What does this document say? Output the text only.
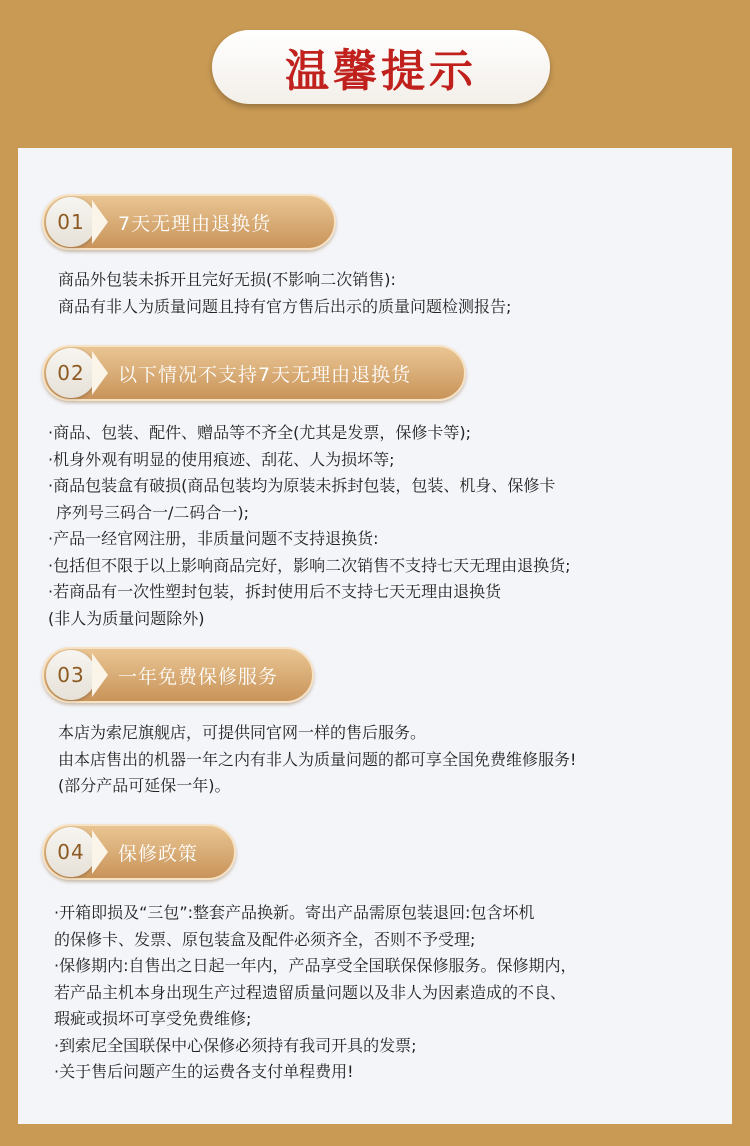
温馨提示
01	7天无理由退换货
商品外包装未拆开且完好无损(不影响二次销售):
商品有非人为质量问题且持有官方售后出示的质量问题检测报告;
02	以下情况不支持7天无理由退换货
·商品、包装、配件、赠品等不齐全(尤其是发票，保修卡等);
·机身外观有明显的使用痕迹、刮花、人为损坏等;
·商品包装盒有破损(商品包装均为原装未拆封包装，包装、机身、保修卡
序列号三码合一/二码合一);
·产品一经官网注册，非质量问题不支持退换货:
·包括但不限于以上影响商品完好，影响二次销售不支持七天无理由退换货;
·若商品有一次性塑封包装，拆封使用后不支持七天无理由退换货
(非人为质量问题除外)
03	一年免费保修服务
本店为索尼旗舰店，可提供同官网一样的售后服务。
由本店售出的机器一年之内有非人为质量问题的都可享全国免费维修服务!
(部分产品可延保一年)。
04	保修政策
·开箱即损及“三包”:整套产品换新。寄出产品需原包装退回:包含坏机
的保修卡、发票、原包装盒及配件必须齐全，否则不予受理;
·保修期内:自售出之日起一年内，产品享受全国联保保修服务。保修期内，
若产品主机本身出现生产过程遗留质量问题以及非人为因素造成的不良、
瑕疵或损坏可享受免费维修;
·到索尼全国联保中心保修必须持有我司开具的发票;
·关于售后问题产生的运费各支付单程费用!
